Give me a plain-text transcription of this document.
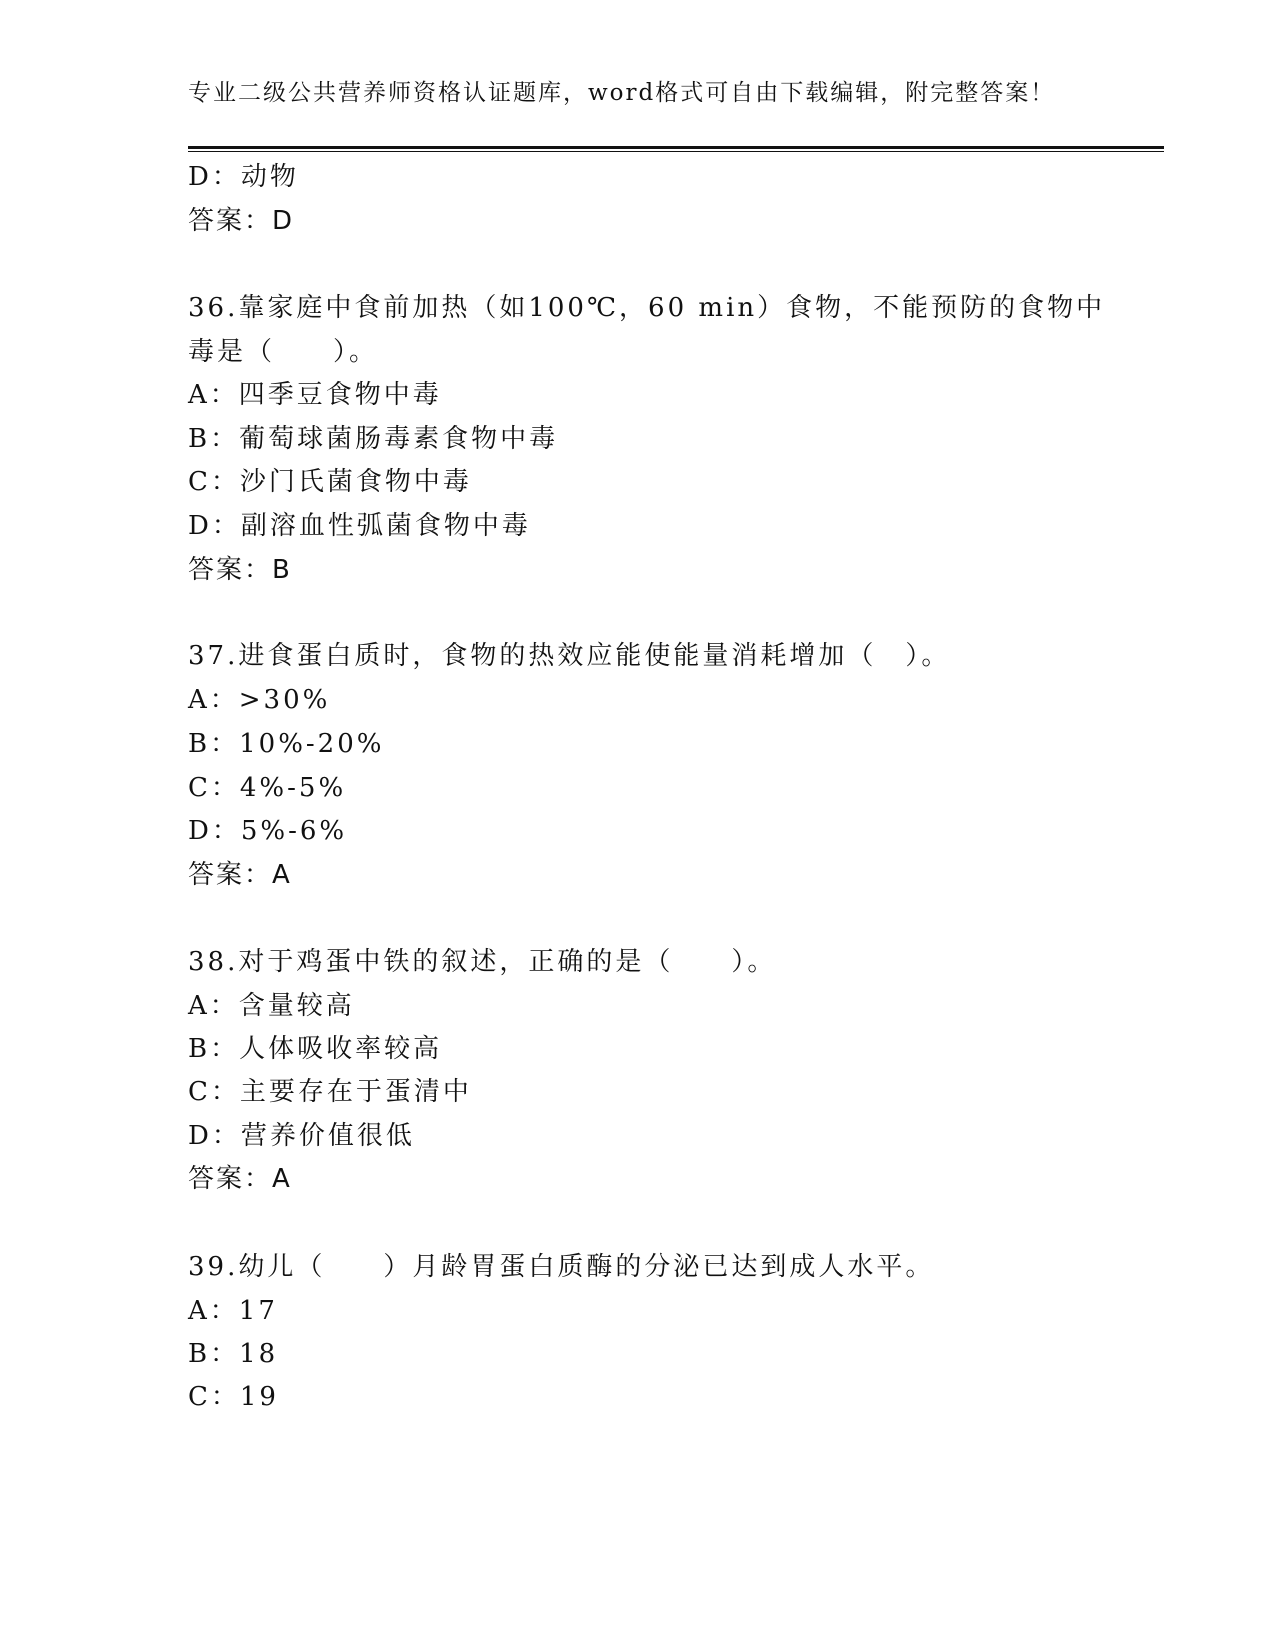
专业二级公共营养师资格认证题库，word格式可自由下载编辑，附完整答案！
D：动物
答案：D
36.靠家庭中食前加热（如100℃，60 min）食物，不能预防的食物中
毒是（　　）。
A：四季豆食物中毒
B：葡萄球菌肠毒素食物中毒
C：沙门氏菌食物中毒
D：副溶血性弧菌食物中毒
答案：B
37.进食蛋白质时，食物的热效应能使能量消耗增加（　）。
A：>30%
B：10%-20%
C：4%-5%
D：5%-6%
答案：A
38.对于鸡蛋中铁的叙述，正确的是（　　）。
A：含量较高
B：人体吸收率较高
C：主要存在于蛋清中
D：营养价值很低
答案：A
39.幼儿（　　）月龄胃蛋白质酶的分泌已达到成人水平。
A：17
B：18
C：19
